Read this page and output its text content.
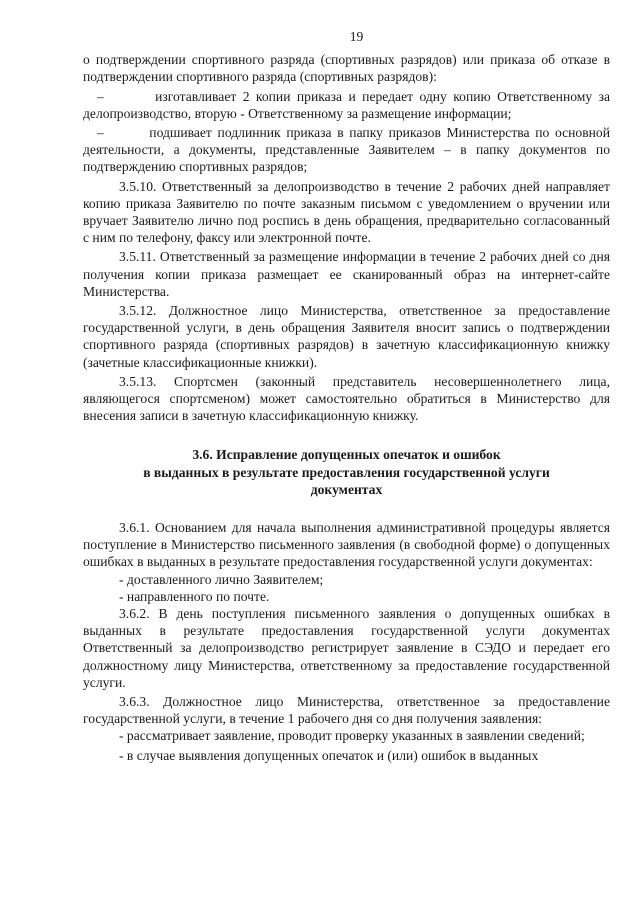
19

о подтверждении спортивного разряда (спортивных разрядов) или приказа об отказе в подтверждении спортивного разряда (спортивных разрядов):

–        изготавливает 2 копии приказа и передает одну копию Ответственному за делопроизводство, вторую - Ответственному за размещение информации;

–        подшивает подлинник приказа в папку приказов Министерства по основной деятельности, а документы, представленные Заявителем – в папку документов по подтверждению спортивных разрядов;

3.5.10. Ответственный за делопроизводство в течение 2 рабочих дней направляет копию приказа Заявителю по почте заказным письмом с уведомлением о вручении или вручает Заявителю лично под роспись в день обращения, предварительно согласованный с ним по телефону, факсу или электронной почте.

3.5.11. Ответственный за размещение информации в течение 2 рабочих дней со дня получения копии приказа размещает ее сканированный образ на интернет-сайте Министерства.

3.5.12. Должностное лицо Министерства, ответственное за предоставление государственной услуги, в день обращения Заявителя вносит запись о подтверждении спортивного разряда (спортивных разрядов) в зачетную классификационную книжку (зачетные классификационные книжки).

3.5.13. Спортсмен (законный представитель несовершеннолетнего лица, являющегося спортсменом) может самостоятельно обратиться в Министерство для внесения записи в зачетную классификационную книжку.

3.6. Исправление допущенных опечаток и ошибок
в выданных в результате предоставления государственной услуги
документах

3.6.1. Основанием для начала выполнения административной процедуры является поступление в Министерство письменного заявления (в свободной форме) о допущенных ошибках в выданных в результате предоставления государственной услуги документах:

- доставленного лично Заявителем;

- направленного по почте.

3.6.2. В день поступления письменного заявления о допущенных ошибках в выданных в результате предоставления государственной услуги документах Ответственный за делопроизводство регистрирует заявление в СЭДО и передает его должностному лицу Министерства, ответственному за предоставление государственной услуги.

3.6.3. Должностное лицо Министерства, ответственное за предоставление государственной услуги, в течение 1 рабочего дня со дня получения заявления:

- рассматривает заявление, проводит проверку указанных в заявлении сведений;

- в случае выявления допущенных опечаток и (или) ошибок в выданных
